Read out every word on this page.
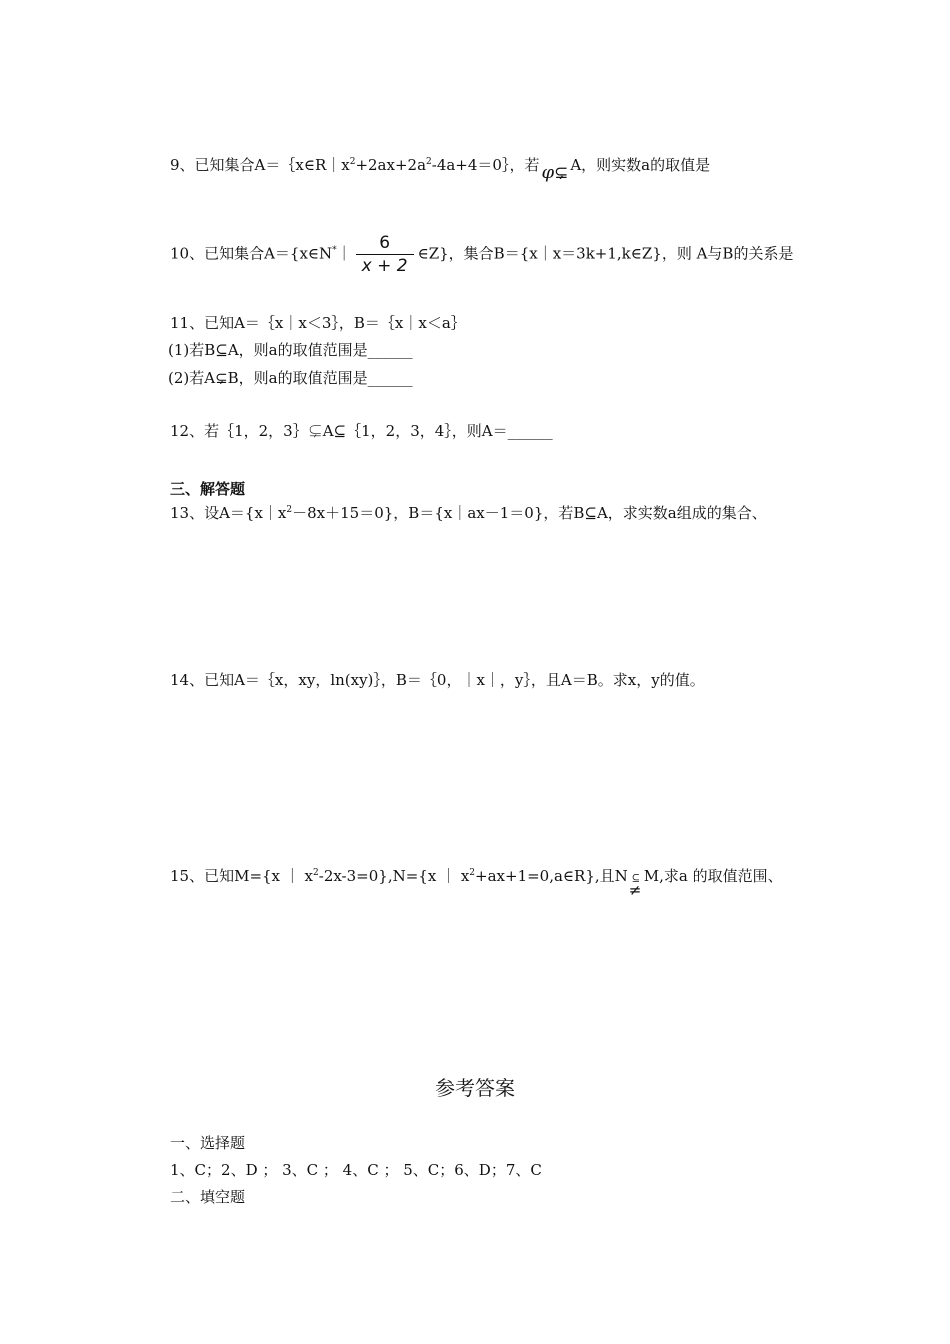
9、已知集合$A=\{x\in R|x^2+2ax+2a^2-4a+4=0\}$，若 φ⊊ A，则实数a的取值是
10、已知集合A＝{x∈N*｜ $\frac{6}{x + 2}$ ∈Z}，集合B＝{x｜x＝3k+1,k∈Z}，则 A与B的关系是
11、已知A＝｛x｜x＜3｝，B＝｛x｜x＜a｝
(1)若B⊆A，则a的取值范围是______
(2)若A⊊B，则a的取值范围是______
12、若｛1，2，3｝⊊A⊆｛1，2，3，4｝，则A＝______
三、解答题
13、设$A=\{x|x^2-8x+15=0\}$，B＝{x｜ax－1＝0}，若B⊆A，求实数a组成的集合、
14、已知A＝｛x，xy，ln(xy)｝，B＝｛0，｜x｜，y｝，且A＝B。求x，y的值。
15、已知M={x ｜ $x^2-2x-3=0\},N=\{x$ ｜ $x^2+ax+1=0,a\in R$},且N ⊆
≠
M,求a 的取值范围、
参考答案
一、选择题
1、C；2、D ； 3、C ； 4、C ； 5、C；6、D；7、C
二、填空题
